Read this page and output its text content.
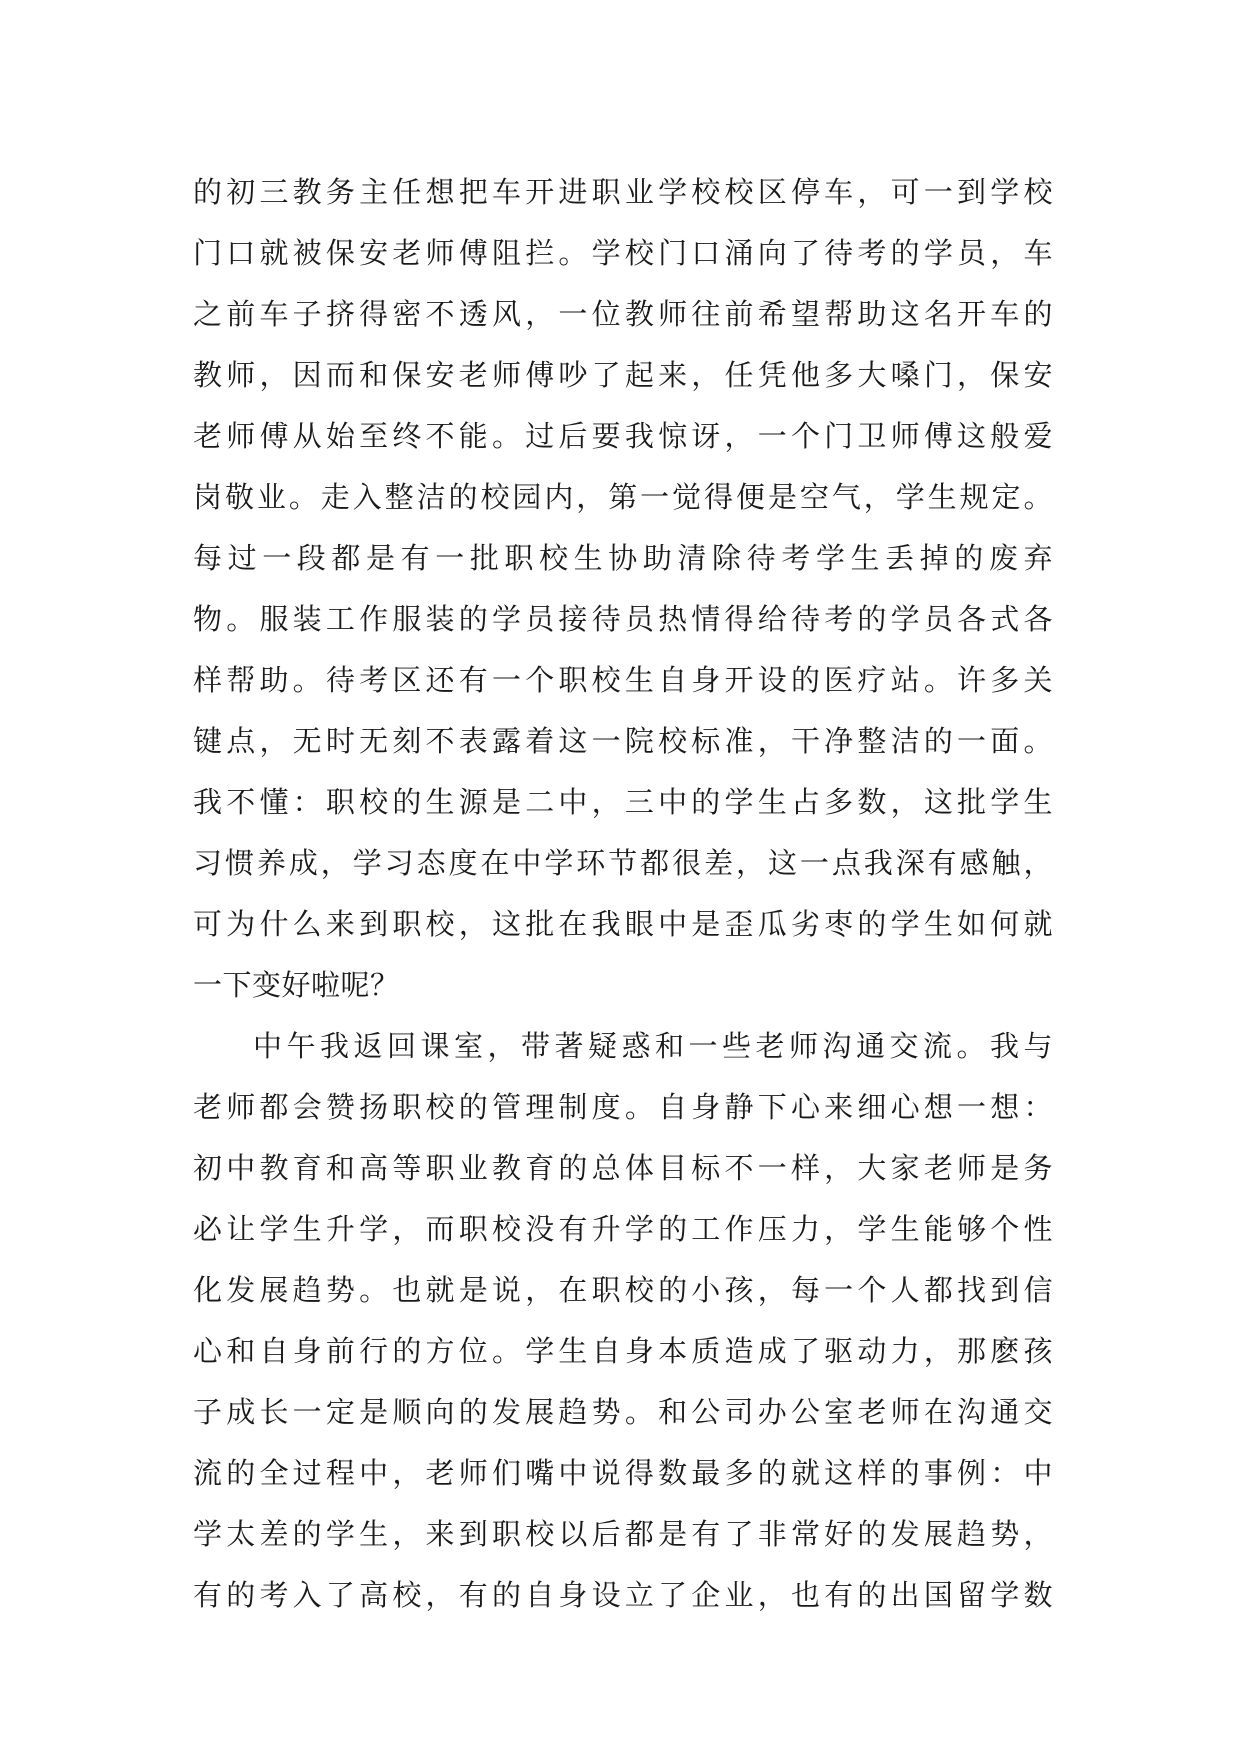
的初三教务主任想把车开进职业学校校区停车，可一到学校
门口就被保安老师傅阻拦。学校门口涌向了待考的学员，车
之前车子挤得密不透风，一位教师往前希望帮助这名开车的
教师，因而和保安老师傅吵了起来，任凭他多大嗓门，保安
老师傅从始至终不能。过后要我惊讶，一个门卫师傅这般爱
岗敬业。走入整洁的校园内，第一觉得便是空气，学生规定。
每过一段都是有一批职校生协助清除待考学生丢掉的废弃
物。服装工作服装的学员接待员热情得给待考的学员各式各
样帮助。待考区还有一个职校生自身开设的医疗站。许多关
键点，无时无刻不表露着这一院校标准，干净整洁的一面。
我不懂：职校的生源是二中，三中的学生占多数，这批学生
习惯养成，学习态度在中学环节都很差，这一点我深有感触，
可为什么来到职校，这批在我眼中是歪瓜劣枣的学生如何就
一下变好啦呢？
中午我返回课室，带著疑惑和一些老师沟通交流。我与
老师都会赞扬职校的管理制度。自身静下心来细心想一想：
初中教育和高等职业教育的总体目标不一样，大家老师是务
必让学生升学，而职校没有升学的工作压力，学生能够个性
化发展趋势。也就是说，在职校的小孩，每一个人都找到信
心和自身前行的方位。学生自身本质造成了驱动力，那麽孩
子成长一定是顺向的发展趋势。和公司办公室老师在沟通交
流的全过程中，老师们嘴中说得数最多的就这样的事例：中
学太差的学生，来到职校以后都是有了非常好的发展趋势，
有的考入了高校，有的自身设立了企业，也有的出国留学数
